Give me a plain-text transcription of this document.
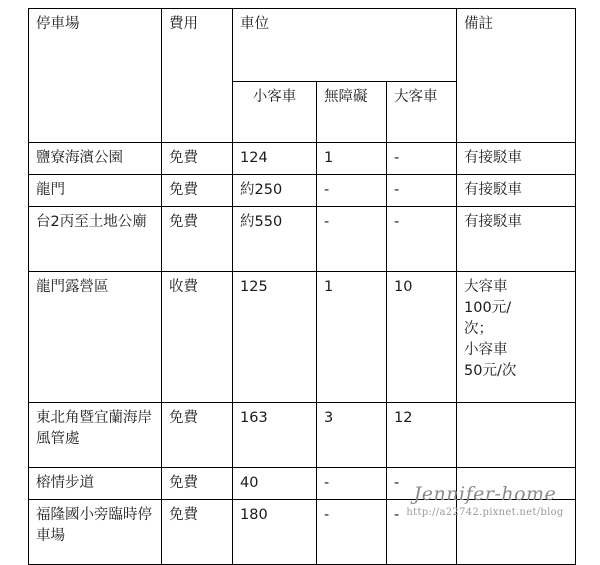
停車場	費用	車位			備註
		小客車	無障礙	大客車	
鹽寮海濱公園	免費	124	1	-	有接駁車
龍門	免費	約250	-	-	有接駁車
台2丙至土地公廟	免費	約550	-	-	有接駁車
龍門露營區	收費	125	1	10	大容車
100元/
次；
小容車
50元/次

東北角暨宜蘭海岸風管處	免費	163	3	12	
榕情步道	免費	40	-	-	
福隆國小旁臨時停車場	免費	180	-	-	
Jennifer-home
http://a22742.pixnet.net/blog
